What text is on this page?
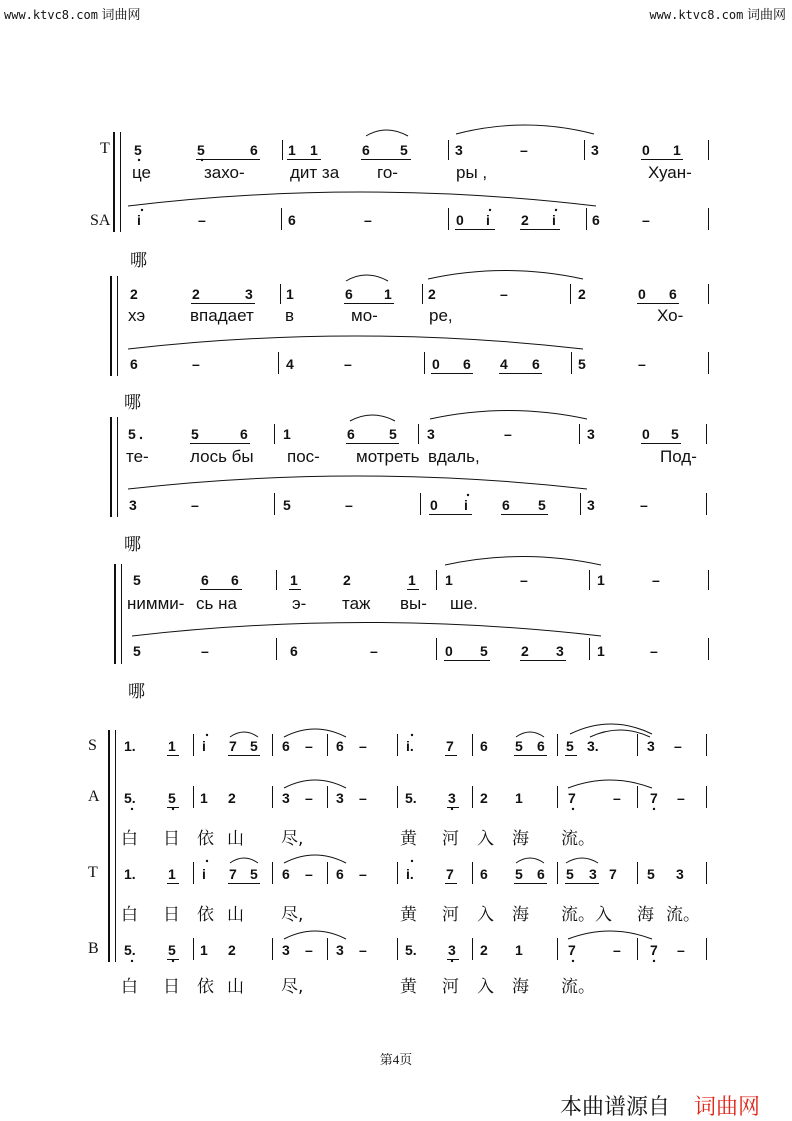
www.ktvc8.com 词曲网	www.ktvc8.com 词曲网
T
SA
5	5	6 1 1	6 5	3	–	3	0 1
це	захо-	дит за го-	ры ,	Хуан-
i	–	6	–	0 i 2 i	6	–
哪
2	2	3 1	6 1	2	–	2	0 6
хэ	впадает в	мо-	ре,	Хо-
6	–	4	–	0 6 4 6	5	–
哪
5	5	6	1	6 5 3	–	3	0 5
те- лось бы пос- мотреть вдаль,	Под-
3	–	5	–	0 i 6 5	3	–
哪
5	6 6	1	2	1 1	–	1	–
нимми- сь на	э- таж вы- ше.
5	–	6	–	0 5 2 3 1	–
哪
S
A
T
B
1. 1 i 7 5 6 – 6 –	i. 7 6 5 6 5 3.	3 –
5. 5 1 2	3 – 3 –	5. 3 2 1	7	– 7 –
白 日 依 山 尽,	黄 河 入 海 流。
1. 1 i 7 5 6 – 6 –	i. 7 6 5 6 5 3 7 5 3
白 日 依 山 尽,	黄 河 入 海 流。入 海 流。
5. 5 1 2	3 – 3 –	5. 3 2 1	7	– 7 –
白 日 依 山 尽,	黄 河 入 海 流。
第4页
本曲谱源自 词曲网
